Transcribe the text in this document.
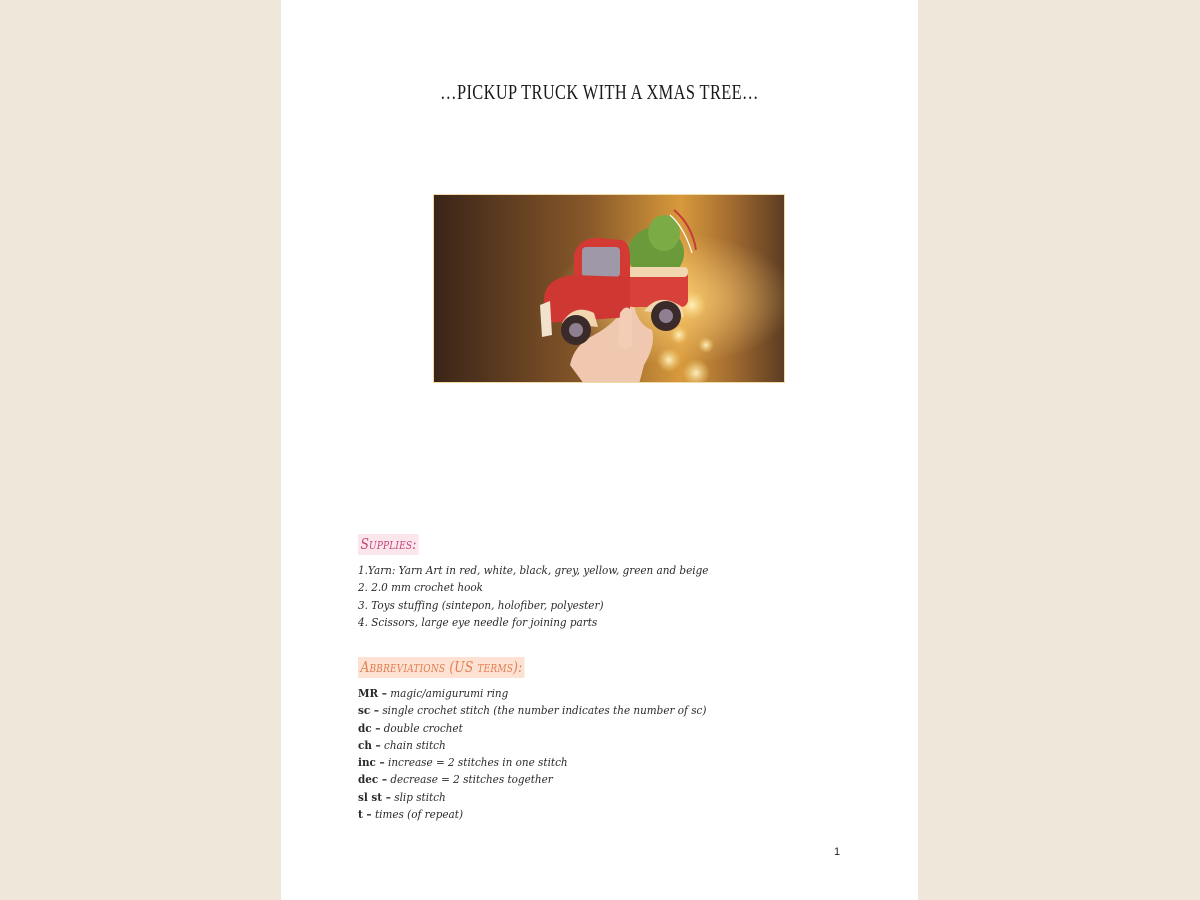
…PICKUP TRUCK WITH A XMAS TREE…
Supplies:
1.Yarn: Yarn Art in red, white, black, grey, yellow, green and beige
2. 2.0 mm crochet hook
3. Toys stuffing (sintepon, holofiber, polyester)
4. Scissors, large eye needle for joining parts
Abbreviations (US terms):
MR – magic/amigurumi ring
sc – single crochet stitch (the number indicates the number of sc)
dc – double crochet
ch – chain stitch
inc – increase = 2 stitches in one stitch
dec – decrease = 2 stitches together
sl st – slip stitch
t – times (of repeat)
1
